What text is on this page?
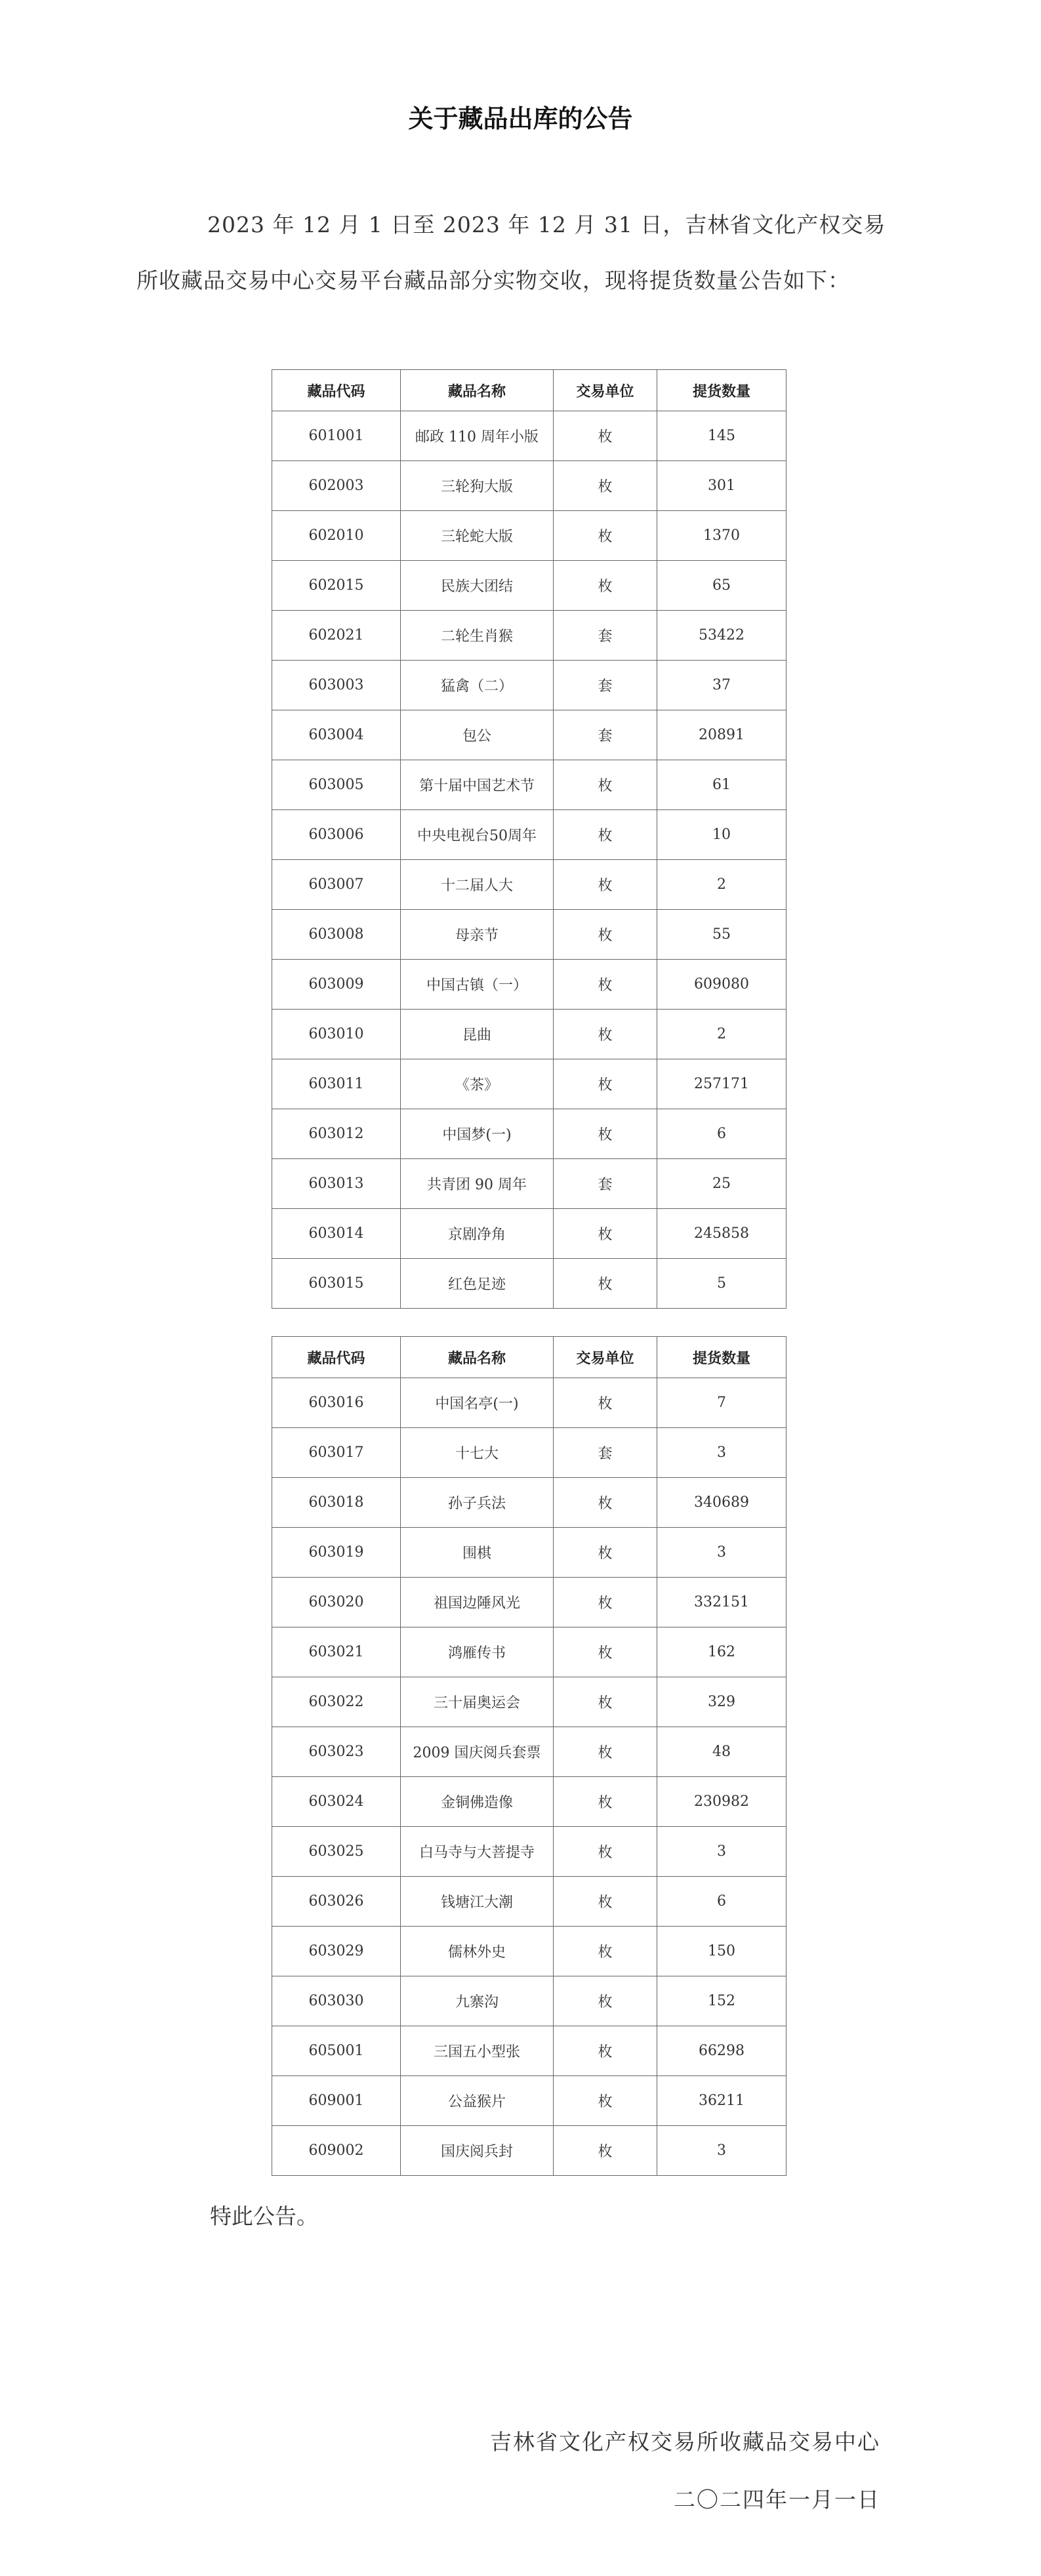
关于藏品出库的公告

2023 年 12 月 1 日至 2023 年 12 月 31 日，吉林省文化产权交易所收藏品交易中心交易平台藏品部分实物交收，现将提货数量公告如下：

藏品代码	藏品名称	交易单位	提货数量
601001	邮政 110 周年小版	枚	145
602003	三轮狗大版	枚	301
602010	三轮蛇大版	枚	1370
602015	民族大团结	枚	65
602021	二轮生肖猴	套	53422
603003	猛禽（二）	套	37
603004	包公	套	20891
603005	第十届中国艺术节	枚	61
603006	中央电视台50周年	枚	10
603007	十二届人大	枚	2
603008	母亲节	枚	55
603009	中国古镇（一）	枚	609080
603010	昆曲	枚	2
603011	《茶》	枚	257171
603012	中国梦(一)	枚	6
603013	共青团 90 周年	套	25
603014	京剧净角	枚	245858
603015	红色足迹	枚	5
藏品代码	藏品名称	交易单位	提货数量
603016	中国名亭(一)	枚	7
603017	十七大	套	3
603018	孙子兵法	枚	340689
603019	围棋	枚	3
603020	祖国边陲风光	枚	332151
603021	鸿雁传书	枚	162
603022	三十届奥运会	枚	329
603023	2009 国庆阅兵套票	枚	48
603024	金铜佛造像	枚	230982
603025	白马寺与大菩提寺	枚	3
603026	钱塘江大潮	枚	6
603029	儒林外史	枚	150
603030	九寨沟	枚	152
605001	三国五小型张	枚	66298
609001	公益猴片	枚	36211
609002	国庆阅兵封	枚	3

特此公告。

吉林省文化产权交易所收藏品交易中心

二〇二四年一月一日
